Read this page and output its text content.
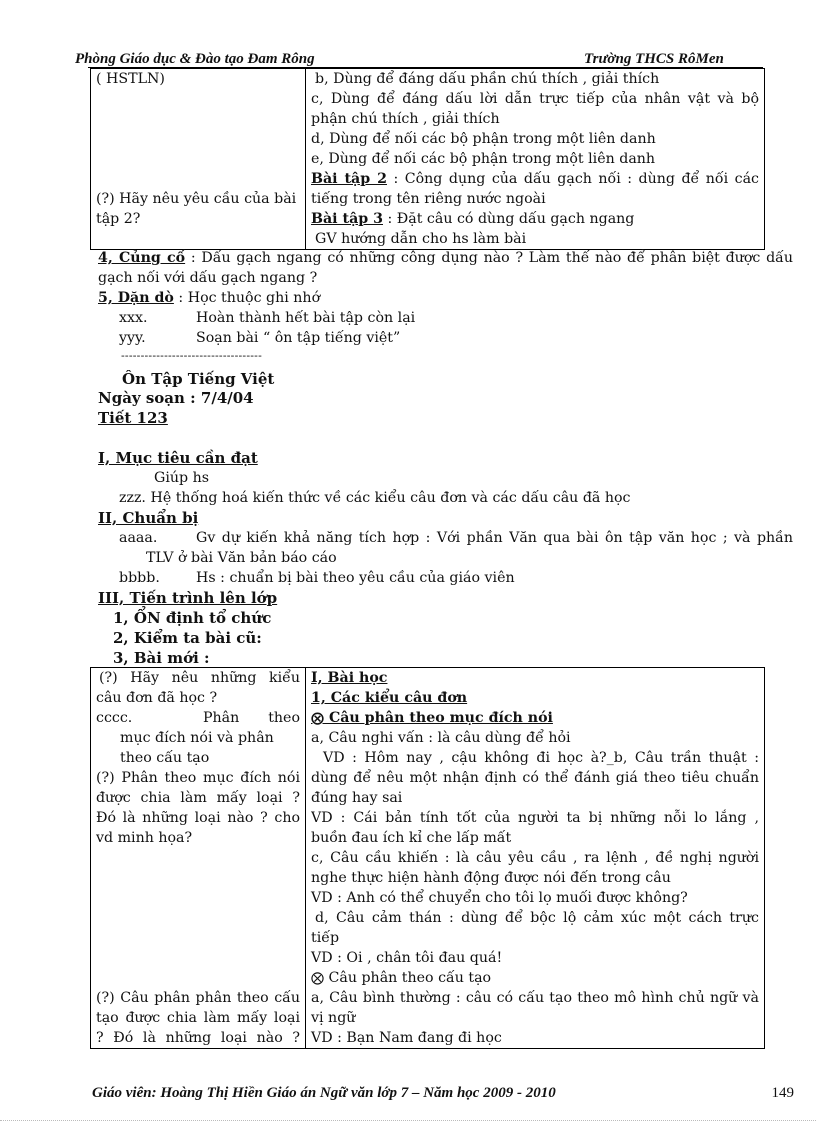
Phòng Giáo dục & Đào tạo Đam Rông	Trường THCS RôMen
( HSTLN)
(?) Hãy nêu yêu cầu của bài
tập 2?

b, Dùng để đáng dấu phần chú thích , giải thích
c, Dùng để đáng dấu lời dẫn trực tiếp của nhân vật và bộ
phận chú thích , giải thích
d, Dùng để nối các bộ phận trong một liên danh
e, Dùng để nối các bộ phận trong một liên danh
Bài tập 2 : Công dụng của dấu gạch nối : dùng để nối các
tiếng trong tên riêng nước ngoài
Bài tập 3 : Đặt câu có dùng dấu gạch ngang
GV hướng dẫn cho hs làm bài
4, Củng cố : Dấu gạch ngang có những công dụng nào ? Làm thế nào để phân biệt được dấu
gạch nối với dấu gạch ngang ?
5, Dặn dò : Học thuộc ghi nhớ
xxx.	Hoàn thành hết bài tập còn lại
yyy.	Soạn bài “ ôn tập tiếng việt”
------------------------------------
Ôn Tập Tiếng Việt
Ngày soạn : 7/4/04
Tiết 123
I, Mục tiêu cần đạt
Giúp hs
zzz. Hệ thống hoá kiến thức về các kiểu câu đơn và các dấu câu đã học
II, Chuẩn bị
aaaa.	Gv dự kiến khả năng tích hợp : Với phần Văn qua bài ôn tập văn học ; và phần
TLV ở bài Văn bản báo cáo
bbbb.	Hs : chuẩn bị bài theo yêu cầu của giáo viên
III, Tiến trình lên lớp
1, ỔN định tổ chức
2, Kiểm ta bài cũ:
3, Bài mới :
(?) Hãy nêu những kiểu
câu đơn đã học ?
cccc.	Phân theo
mục đích nói và phân
theo cấu tạo
(?) Phân theo mục đích nói
được chia làm mấy loại ?
Đó là những loại nào ? cho
vd minh họa?
(?) Câu phân phân theo cấu
tạo được chia làm mấy loại
? Đó là những loại nào ?

I, Bài học
1, Các kiểu câu đơn
⨂ Câu phân theo mục đích nói
a, Câu nghi vấn : là câu dùng để hỏi
VD : Hôm nay , cậu không đi học à?_b, Câu trần thuật :
dùng để nêu một nhận định có thể đánh giá theo tiêu chuẩn
đúng hay sai
VD : Cái bản tính tốt của người ta bị những nỗi lo lắng ,
buồn đau ích kỉ che lấp mất
c, Câu cầu khiến : là câu yêu cầu , ra lệnh , đề nghị người
nghe thực hiện hành động được nói đến trong câu
VD : Anh có thể chuyển cho tôi lọ muối được không?
d, Câu cảm thán : dùng để bộc lộ cảm xúc một cách trực
tiếp
VD : Oi , chân tôi đau quá!
⨂ Câu phân theo cấu tạo
a, Câu bình thường : câu có cấu tạo theo mô hình chủ ngữ và
vị ngữ
VD : Bạn Nam đang đi học
Giáo viên: Hoàng Thị Hiền Giáo án Ngữ văn lớp 7 – Năm học 2009 - 2010	149
